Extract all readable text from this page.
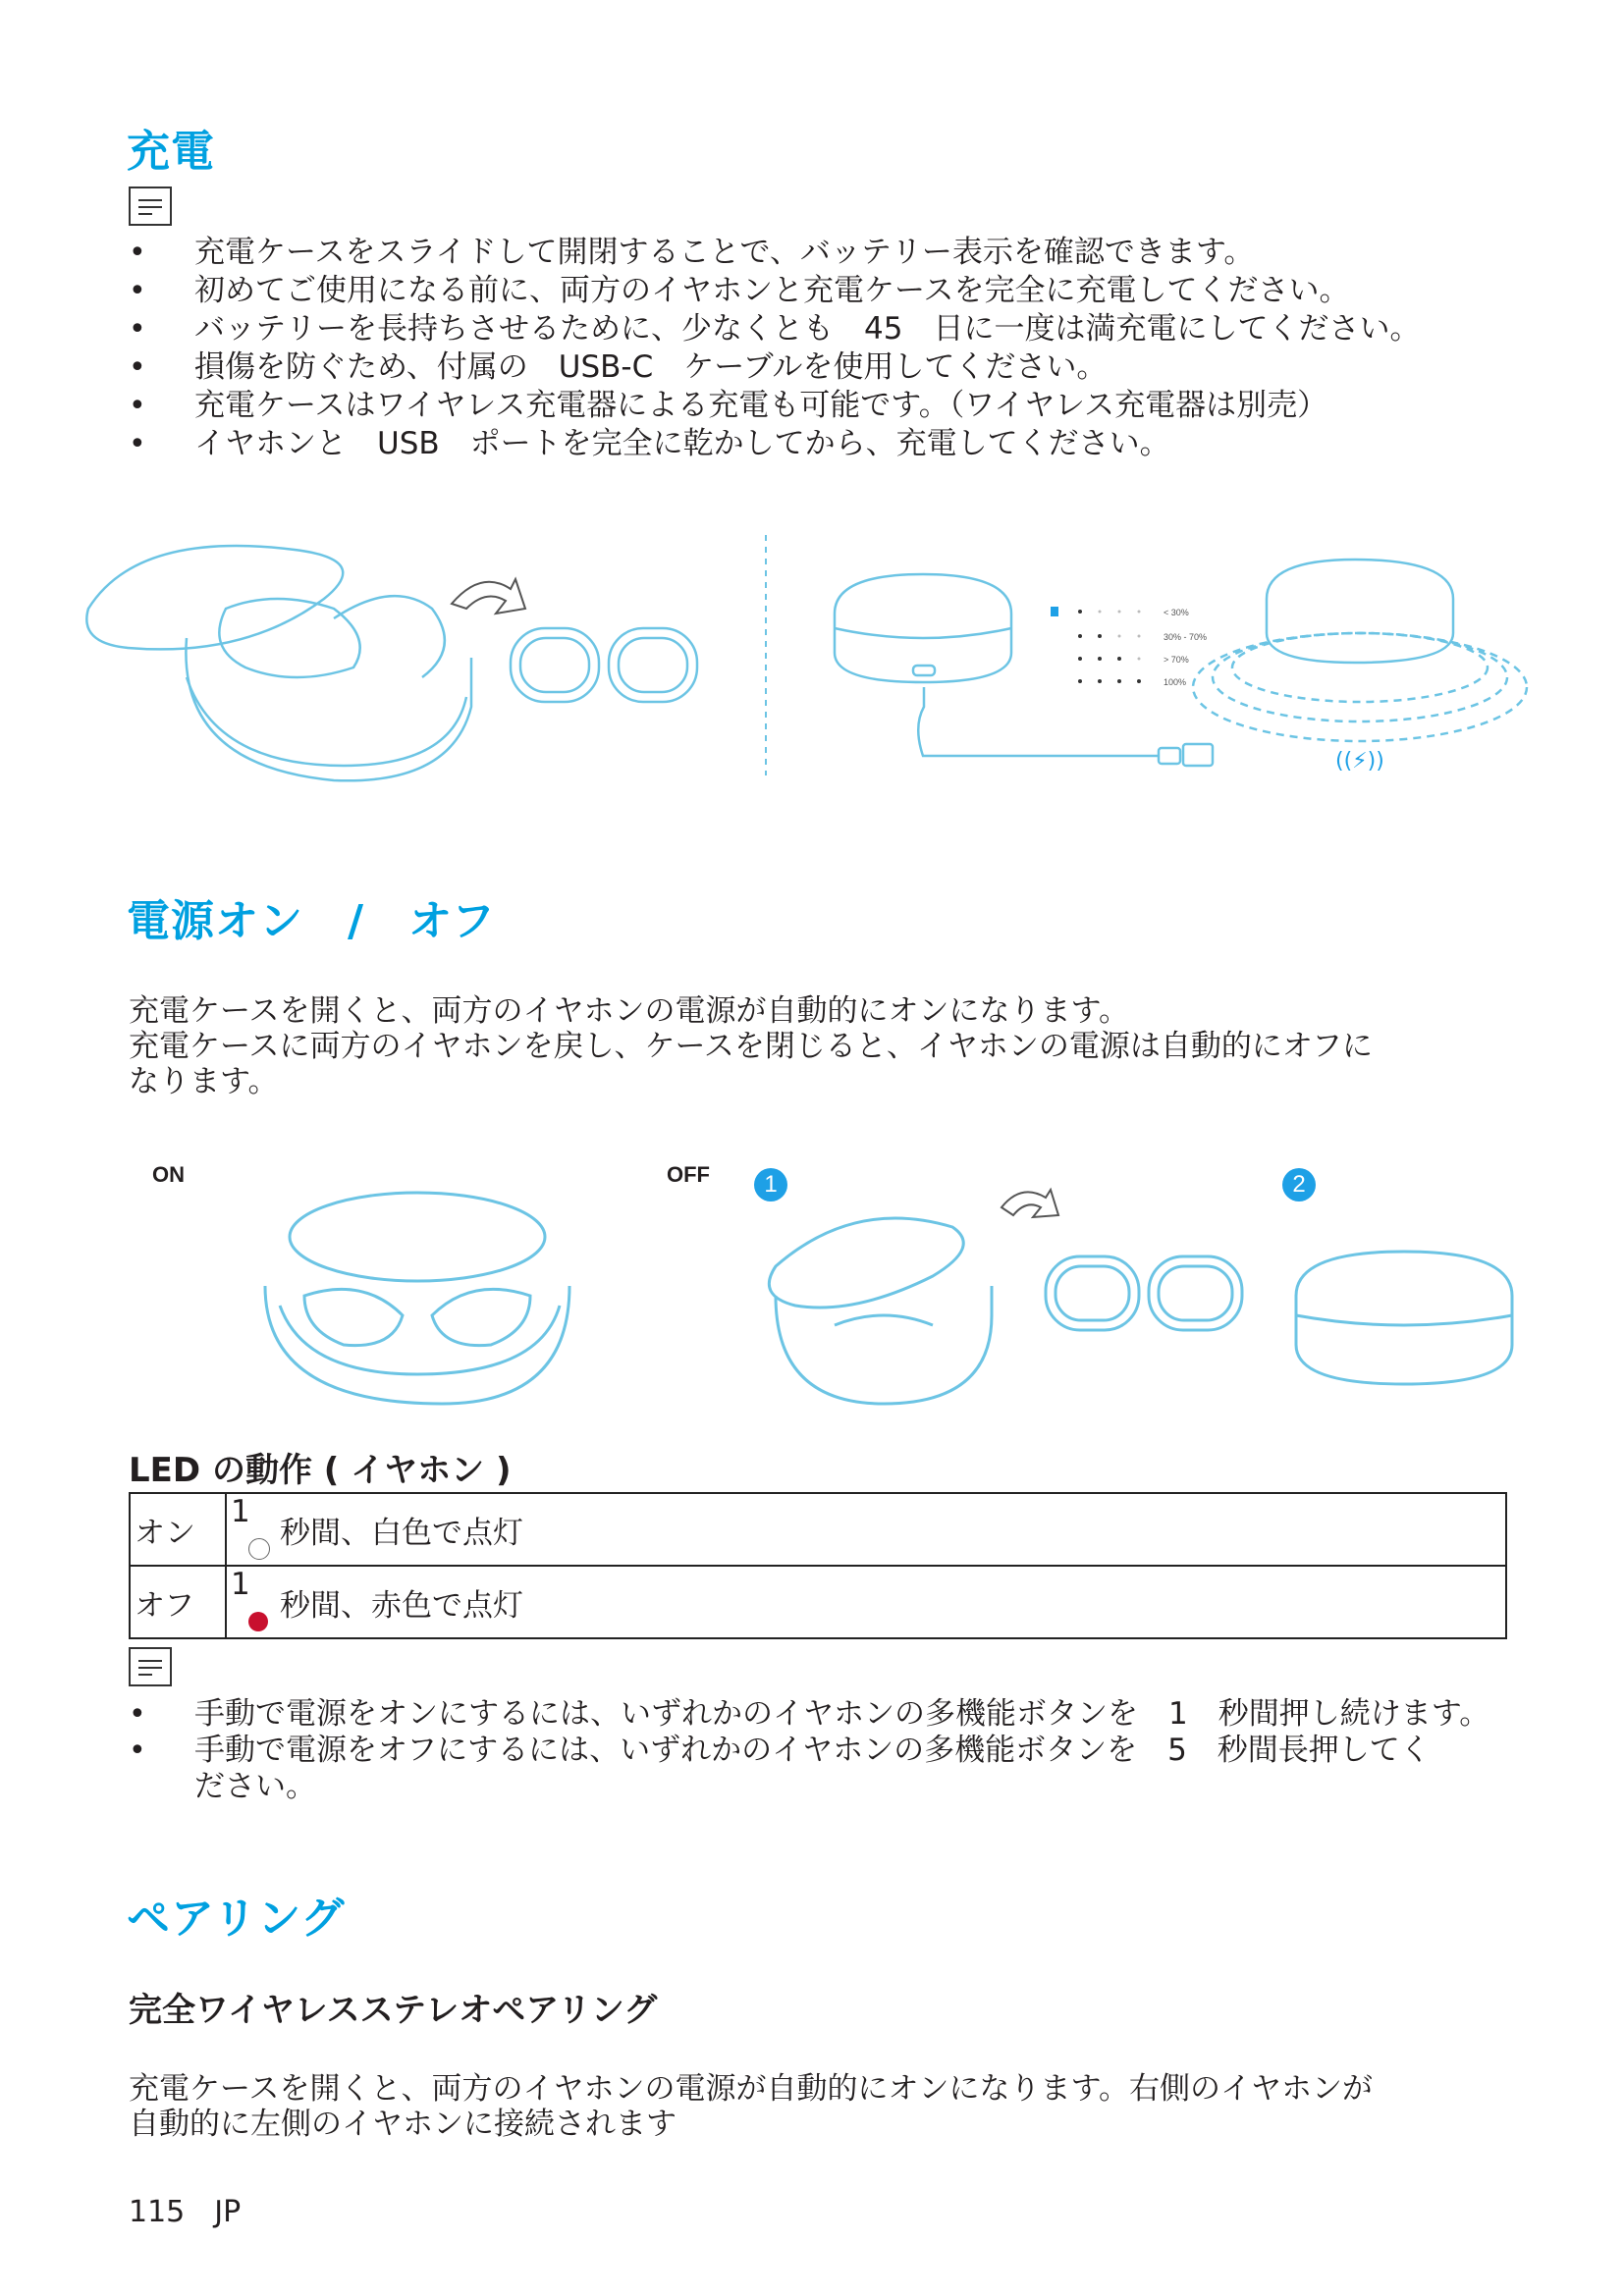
充電
• 充電ケースをスライドして開閉することで、バッテリー表示を確認できます。
• 初めてご使用になる前に、両方のイヤホンと充電ケースを完全に充電してください。
• バッテリーを長持ちさせるために、少なくとも　45　日に一度は満充電にしてください。
• 損傷を防ぐため、付属の　USB-C　ケーブルを使用してください。
• 充電ケースはワイヤレス充電器による充電も可能です。（ワイヤレス充電器は別売）
• イヤホンと　USB　ポートを完全に乾かしてから、充電してください。
< 30%
30% - 70%
> 70%
100%
((⚡))
電源オン　/　オフ
充電ケースを開くと、両方のイヤホンの電源が自動的にオンになります。
充電ケースに両方のイヤホンを戻し、ケースを閉じると、イヤホンの電源は自動的にオフに
なります。
ON	OFF	1	2
LED の動作 ( イヤホン )
オン	1	秒間、白色で点灯
オフ	1	秒間、赤色で点灯
• 手動で電源をオンにするには、いずれかのイヤホンの多機能ボタンを　1　秒間押し続けます。
• 手動で電源をオフにするには、いずれかのイヤホンの多機能ボタンを　5　秒間長押してく
ださい。
ペアリング
完全ワイヤレスステレオペアリング
充電ケースを開くと、両方のイヤホンの電源が自動的にオンになります。右側のイヤホンが
自動的に左側のイヤホンに接続されます
115　JP
